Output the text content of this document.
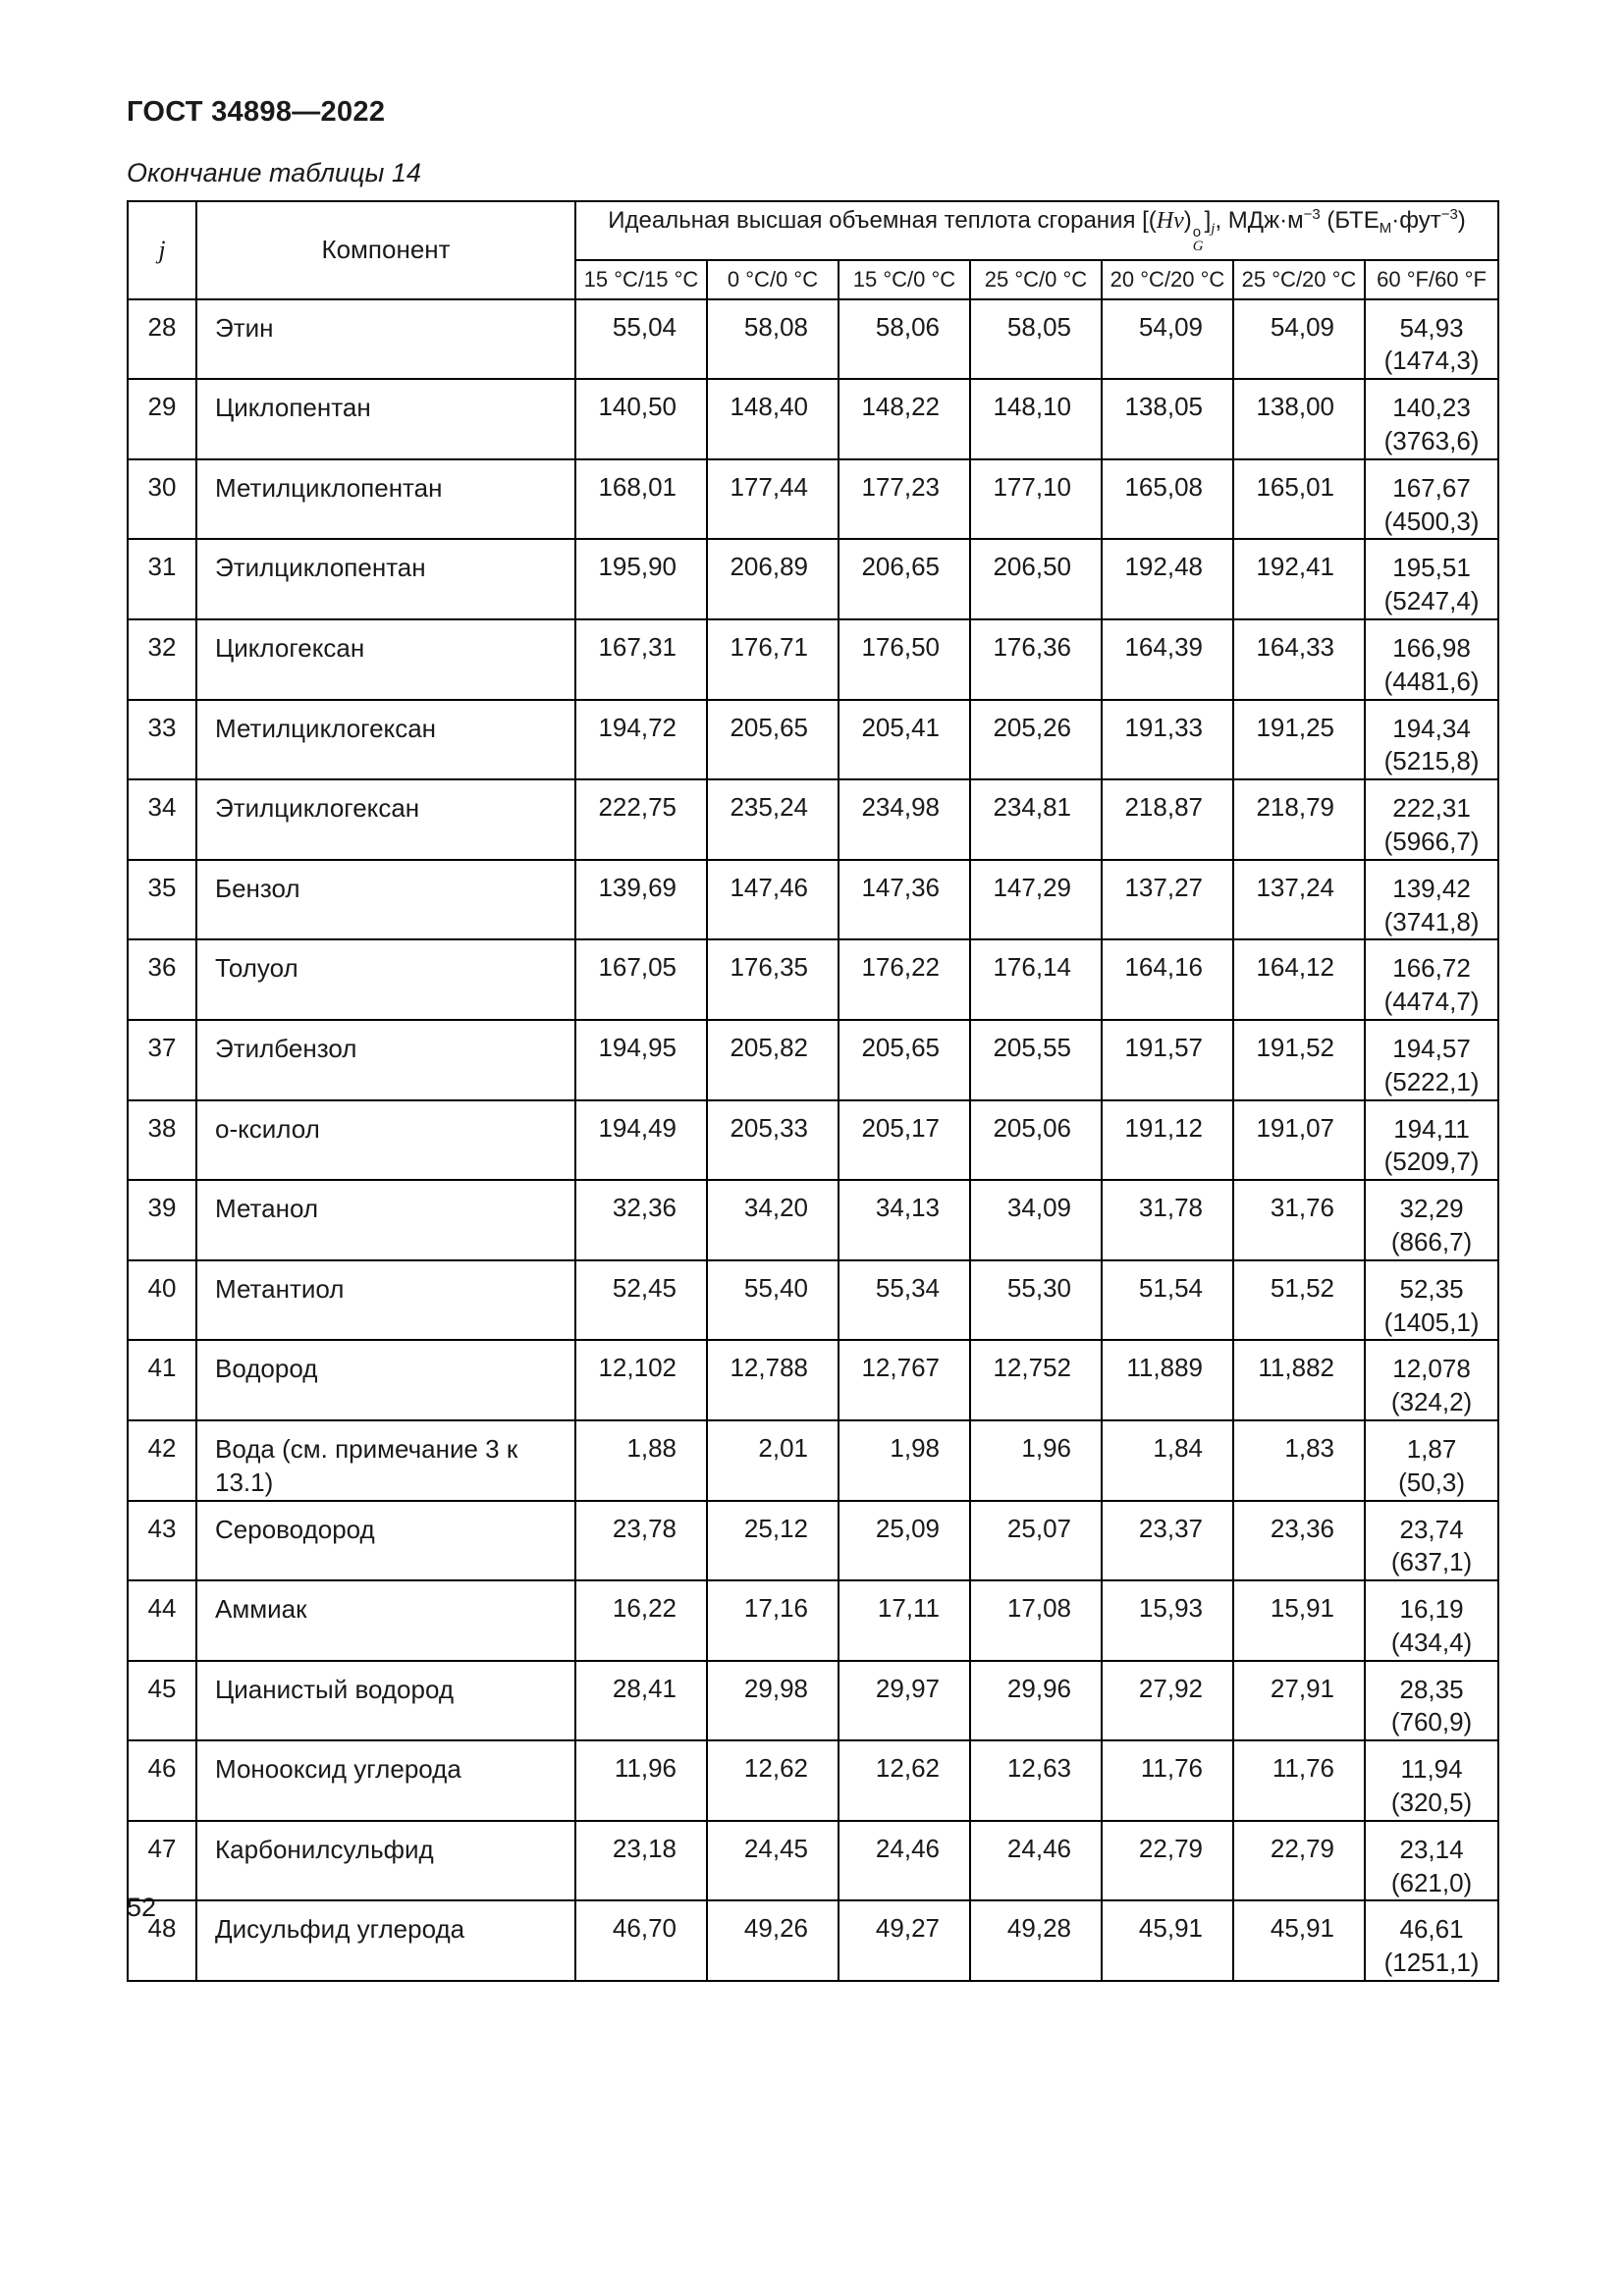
ГОСТ 34898—2022
Окончание таблицы 14
j	Компонент	Идеальная высшая объемная теплота сгорания [(Hv) о
G
]$_j$, $МДж\cdot м^{-3}$ $(БТЕ_М\cdot фут^{-3})$						
		15 °С/15 °С	0 °С/0 °С	15 °С/0 °С	25 °С/0 °С	20 °С/20 °С	25 °С/20 °С	60 °F/60 °F
28	Этин	55,04	58,08	58,06	58,05	54,09	54,09	54,93
(1474,3)

29	Циклопентан	140,50	148,40	148,22	148,10	138,05	138,00	140,23
(3763,6)

30	Метилциклопентан	168,01	177,44	177,23	177,10	165,08	165,01	167,67
(4500,3)

31	Этилциклопентан	195,90	206,89	206,65	206,50	192,48	192,41	195,51
(5247,4)

32	Циклогексан	167,31	176,71	176,50	176,36	164,39	164,33	166,98
(4481,6)

33	Метилциклогексан	194,72	205,65	205,41	205,26	191,33	191,25	194,34
(5215,8)

34	Этилциклогексан	222,75	235,24	234,98	234,81	218,87	218,79	222,31
(5966,7)

35	Бензол	139,69	147,46	147,36	147,29	137,27	137,24	139,42
(3741,8)

36	Толуол	167,05	176,35	176,22	176,14	164,16	164,12	166,72
(4474,7)

37	Этилбензол	194,95	205,82	205,65	205,55	191,57	191,52	194,57
(5222,1)

38	о-ксилол	194,49	205,33	205,17	205,06	191,12	191,07	194,11
(5209,7)

39	Метанол	32,36	34,20	34,13	34,09	31,78	31,76	32,29
(866,7)

40	Метантиол	52,45	55,40	55,34	55,30	51,54	51,52	52,35
(1405,1)

41	Водород	12,102	12,788	12,767	12,752	11,889	11,882	12,078
(324,2)

42	Вода (см. примечание 3 к 13.1)	1,88	2,01	1,98	1,96	1,84	1,83	1,87
(50,3)

43	Сероводород	23,78	25,12	25,09	25,07	23,37	23,36	23,74
(637,1)

44	Аммиак	16,22	17,16	17,11	17,08	15,93	15,91	16,19
(434,4)

45	Цианистый водород	28,41	29,98	29,97	29,96	27,92	27,91	28,35
(760,9)

46	Монооксид углерода	11,96	12,62	12,62	12,63	11,76	11,76	11,94
(320,5)

47	Карбонилсульфид	23,18	24,45	24,46	24,46	22,79	22,79	23,14
(621,0)

48	Дисульфид углерода	46,70	49,26	49,27	49,28	45,91	45,91	46,61
(1251,1)
52
